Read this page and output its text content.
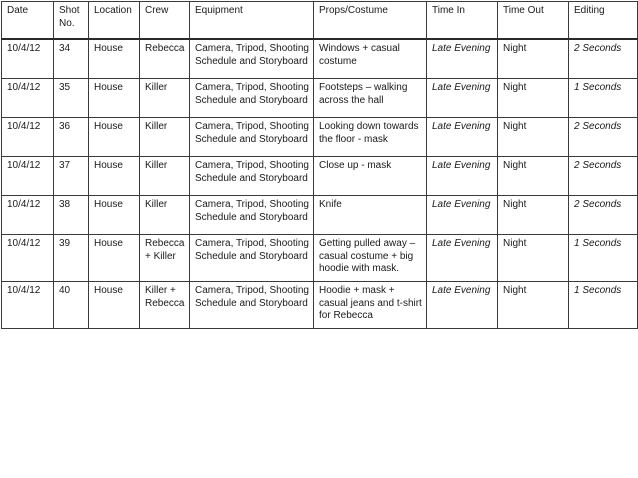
Date	Shot No.	Location	Crew	Equipment	Props/Costume	Time In	Time Out	Editing
10/4/12	34	House	Rebecca	Camera, Tripod, Shooting Schedule and Storyboard	Windows + casual costume	Late Evening	Night	2 Seconds
10/4/12	35	House	Killer	Camera, Tripod, Shooting Schedule and Storyboard	Footsteps – walking across the hall	Late Evening	Night	1 Seconds
10/4/12	36	House	Killer	Camera, Tripod, Shooting Schedule and Storyboard	Looking down towards the floor - mask	Late Evening	Night	2 Seconds
10/4/12	37	House	Killer	Camera, Tripod, Shooting Schedule and Storyboard	Close up - mask	Late Evening	Night	2 Seconds
10/4/12	38	House	Killer	Camera, Tripod, Shooting Schedule and Storyboard	Knife	Late Evening	Night	2 Seconds
10/4/12	39	House	Rebecca + Killer	Camera, Tripod, Shooting Schedule and Storyboard	Getting pulled away – casual costume + big hoodie with mask.	Late Evening	Night	1 Seconds
10/4/12	40	House	Killer + Rebecca	Camera, Tripod, Shooting Schedule and Storyboard	Hoodie + mask + casual jeans and t-shirt for Rebecca	Late Evening	Night	1 Seconds
